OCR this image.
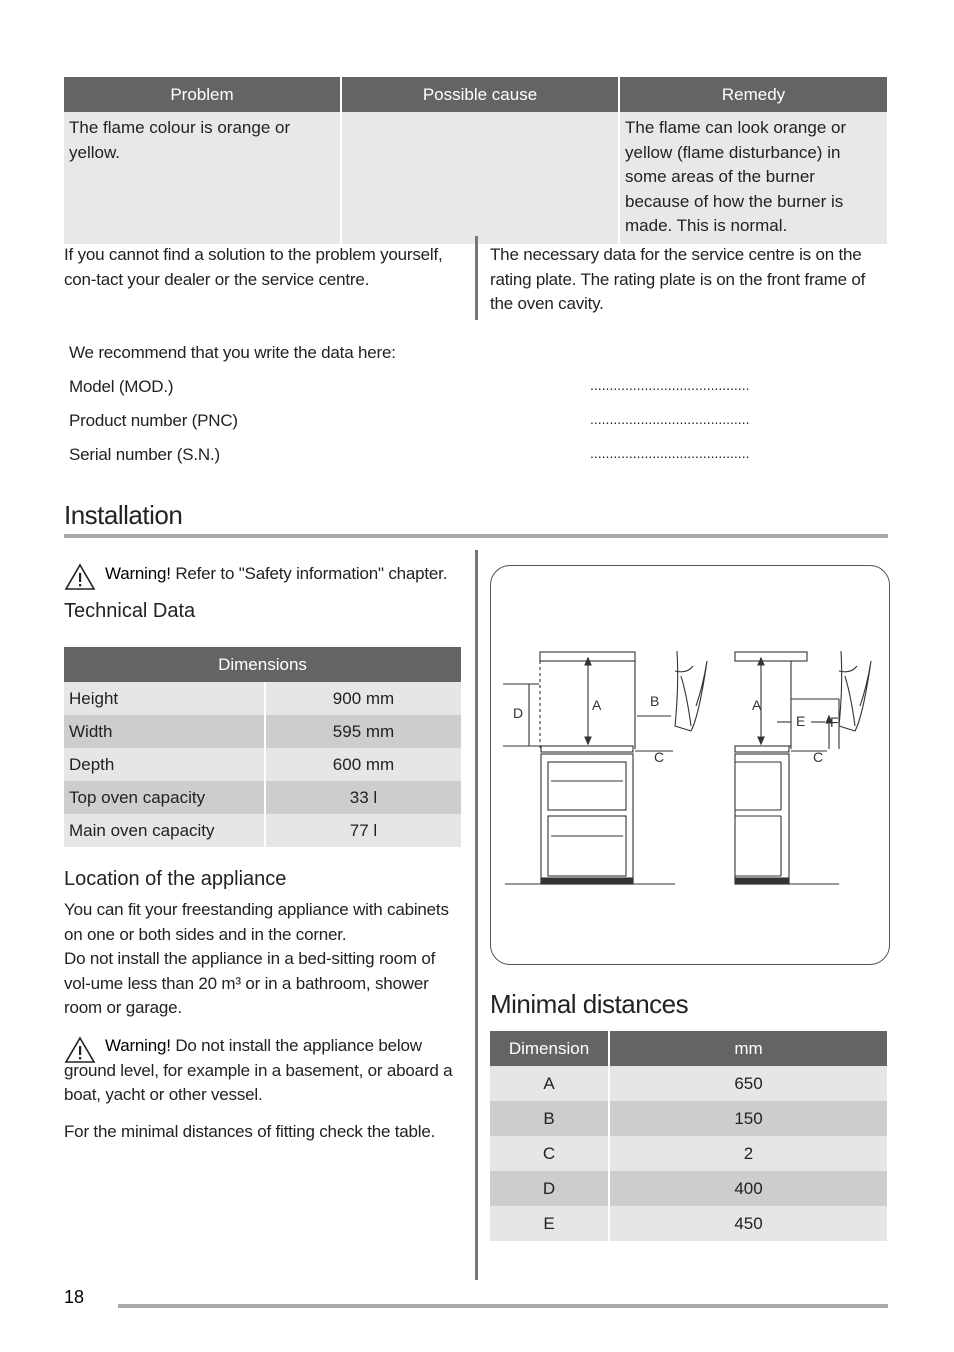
Problem	Possible cause	Remedy
The flame colour is orange or yellow.		The flame can look orange or yellow (flame disturbance) in some areas of the burner because of how the burner is made. This is normal.
If you cannot find a solution to the problem yourself, con-tact your dealer or the service centre.
The necessary data for the service centre is on the rating plate. The rating plate is on the front frame of the oven cavity.
We recommend that you write the data here:
Model (MOD.)	.........................................
Product number (PNC)	.........................................
Serial number (S.N.)	.........................................
Installation
Warning! Refer to "Safety information" chapter.
Technical Data
Dimensions	
Height	900 mm
Width	595 mm
Depth	600 mm
Top oven capacity	33 l
Main oven capacity	77 l
Location of the appliance
You can fit your freestanding appliance with cabinets on one or both sides and in the corner.
Do not install the appliance in a bed-sitting room of vol-ume less than 20 m³ or in a bathroom, shower room or garage.
Warning! Do not install the appliance below ground level, for example in a basement, or aboard a boat, yacht or other vessel.
For the minimal distances of fitting check the table.
D	A	B
C
A
E F
C
Minimal distances
Dimension	mm
A	650
B	150
C	2
D	400
E	450
18
